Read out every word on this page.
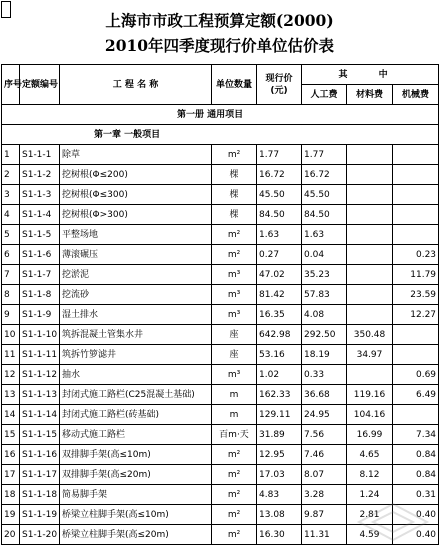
上海市市政工程预算定额(2000)
2010年四季度现行价单位估价表
序号	定额编号	工 程 名 称	单位数量	现行价
(元)	其 中		
					人工费	材料费	机械费
第一册 通用项目							
第一章 一般项目							
1	S1-1-1	除草	m²	1.77	1.77		
2	S1-1-2	挖树根(Φ≤200)	棵	16.72	16.72		
3	S1-1-3	挖树根(Φ≤300)	棵	45.50	45.50		
4	S1-1-4	挖树根(Φ>300)	棵	84.50	84.50		
5	S1-1-5	平整场地	m²	1.63	1.63		
6	S1-1-6	薄滚碾压	m²	0.27	0.04		0.23
7	S1-1-7	挖淤泥	m³	47.02	35.23		11.79
8	S1-1-8	挖流砂	m³	81.42	57.83		23.59
9	S1-1-9	湿土排水	m³	16.35	4.08		12.27
10	S1-1-10	筑拆混凝土管集水井	座	642.98	292.50	350.48	
11	S1-1-11	筑拆竹箩滤井	座	53.16	18.19	34.97	
12	S1-1-12	抽水	m³	1.02	0.33		0.69
13	S1-1-13	封闭式施工路栏(C25混凝土基础)	m	162.33	36.68	119.16	6.49
14	S1-1-14	封闭式施工路栏(砖基础)	m	129.11	24.95	104.16	
15	S1-1-15	移动式施工路栏	百m·天	31.89	7.56	16.99	7.34
16	S1-1-16	双排脚手架(高≤10m)	m²	12.95	7.46	4.65	0.84
17	S1-1-17	双排脚手架(高≤20m)	m²	17.03	8.07	8.12	0.84
18	S1-1-18	简易脚手架	m²	4.83	3.28	1.24	0.31
19	S1-1-19	桥梁立柱脚手架(高≤10m)	m²	13.08	9.87	2.81	0.40
20	S1-1-20	桥梁立柱脚手架(高≤20m)	m²	16.30	11.31	4.59	0.40
